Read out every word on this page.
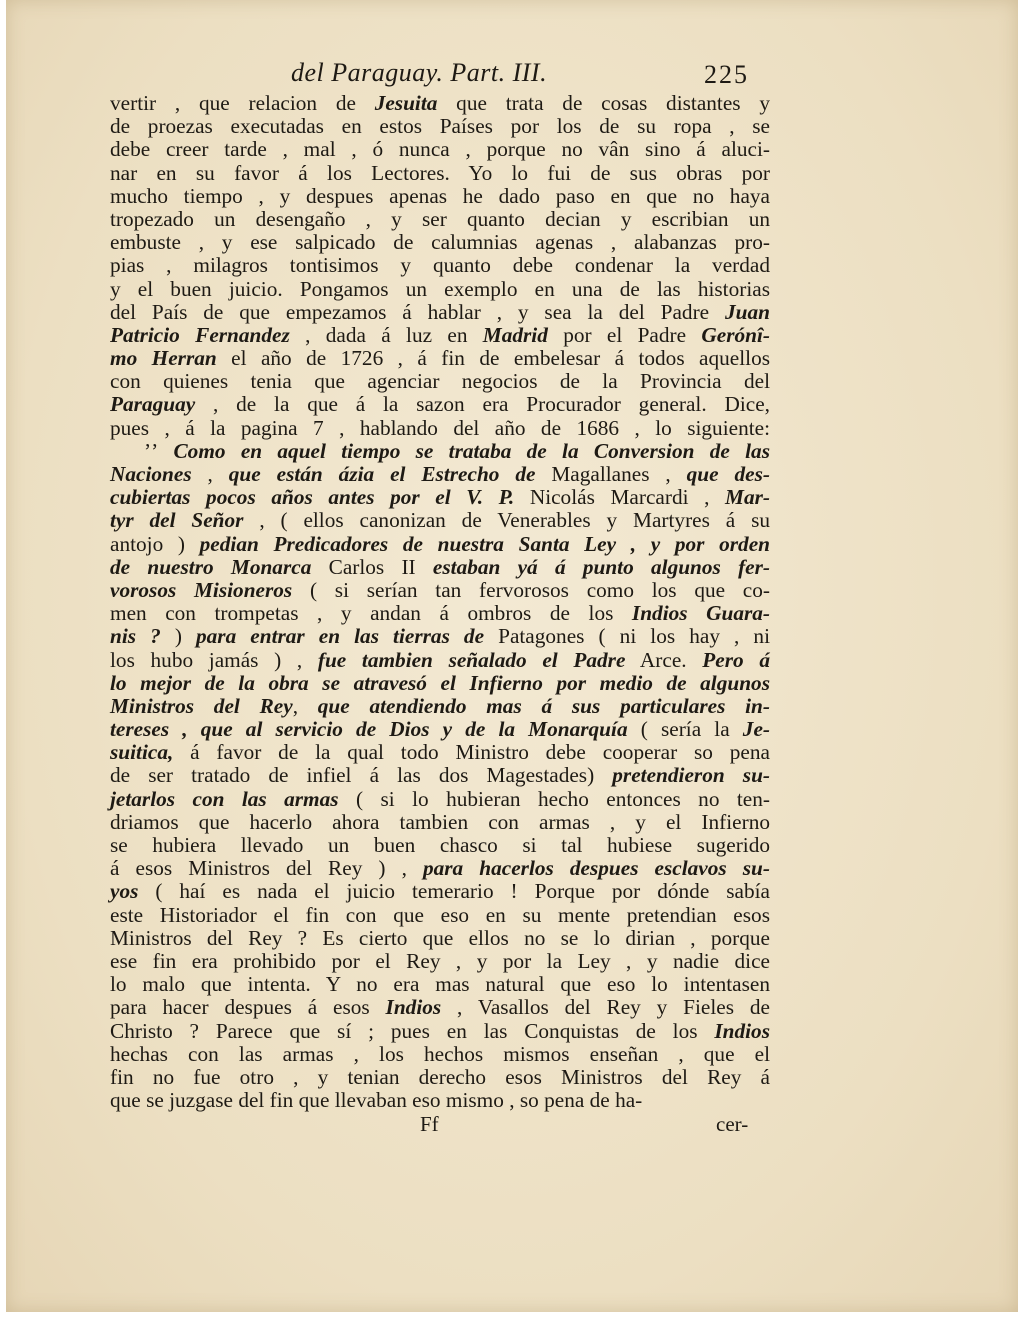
del Paraguay. Part. III.	225
vertir , que relacion de Jesuita que trata de cosas distantes y
de proezas executadas en estos Países por los de su ropa , se
debe creer tarde , mal , ó nunca , porque no vân sino á aluci-
nar en su favor á los Lectores. Yo lo fui de sus obras por
mucho tiempo , y despues apenas he dado paso en que no haya
tropezado un desengaño , y ser quanto decian y escribian un
embuste , y ese salpicado de calumnias agenas , alabanzas pro-
pias , milagros tontisimos y quanto debe condenar la verdad
y el buen juicio. Pongamos un exemplo en una de las historias
del País de que empezamos á hablar , y sea la del Padre Juan
Patricio Fernandez , dada á luz en Madrid por el Padre Gerónî-
mo Herran el año de 1726 , á fin de embelesar á todos aquellos
con quienes tenia que agenciar negocios de la Provincia del
Paraguay , de la que á la sazon era Procurador general. Dice,
pues , á la pagina 7 , hablando del año de 1686 , lo siguiente:
ʼʼ Como en aquel tiempo se trataba de la Conversion de las
Naciones , que están ázia el Estrecho de Magallanes , que des-
cubiertas pocos años antes por el V. P. Nicolás Marcardi , Mar-
tyr del Señor , ( ellos canonizan de Venerables y Martyres á su
antojo ) pedian Predicadores de nuestra Santa Ley , y por orden
de nuestro Monarca Carlos II estaban yá á punto algunos fer-
vorosos Misioneros ( si serían tan fervorosos como los que co-
men con trompetas , y andan á ombros de los Indios Guara-
nis ? ) para entrar en las tierras de Patagones ( ni los hay , ni
los hubo jamás ) , fue tambien señalado el Padre Arce. Pero á
lo mejor de la obra se atravesó el Infierno por medio de algunos
Ministros del Rey, que atendiendo mas á sus particulares in-
tereses , que al servicio de Dios y de la Monarquía ( sería la Je-
suitica, á favor de la qual todo Ministro debe cooperar so pena
de ser tratado de infiel á las dos Magestades) pretendieron su-
jetarlos con las armas ( si lo hubieran hecho entonces no ten-
driamos que hacerlo ahora tambien con armas , y el Infierno
se hubiera llevado un buen chasco si tal hubiese sugerido
á esos Ministros del Rey ) , para hacerlos despues esclavos su-
yos ( haí es nada el juicio temerario ! Porque por dónde sabía
este Historiador el fin con que eso en su mente pretendian esos
Ministros del Rey ? Es cierto que ellos no se lo dirian , porque
ese fin era prohibido por el Rey , y por la Ley , y nadie dice
lo malo que intenta. Y no era mas natural que eso lo intentasen
para hacer despues á esos Indios , Vasallos del Rey y Fieles de
Christo ? Parece que sí ; pues en las Conquistas de los Indios
hechas con las armas , los hechos mismos enseñan , que el
fin no fue otro , y tenian derecho esos Ministros del Rey á
que se juzgase del fin que llevaban eso mismo , so pena de ha-
Ff	cer-
